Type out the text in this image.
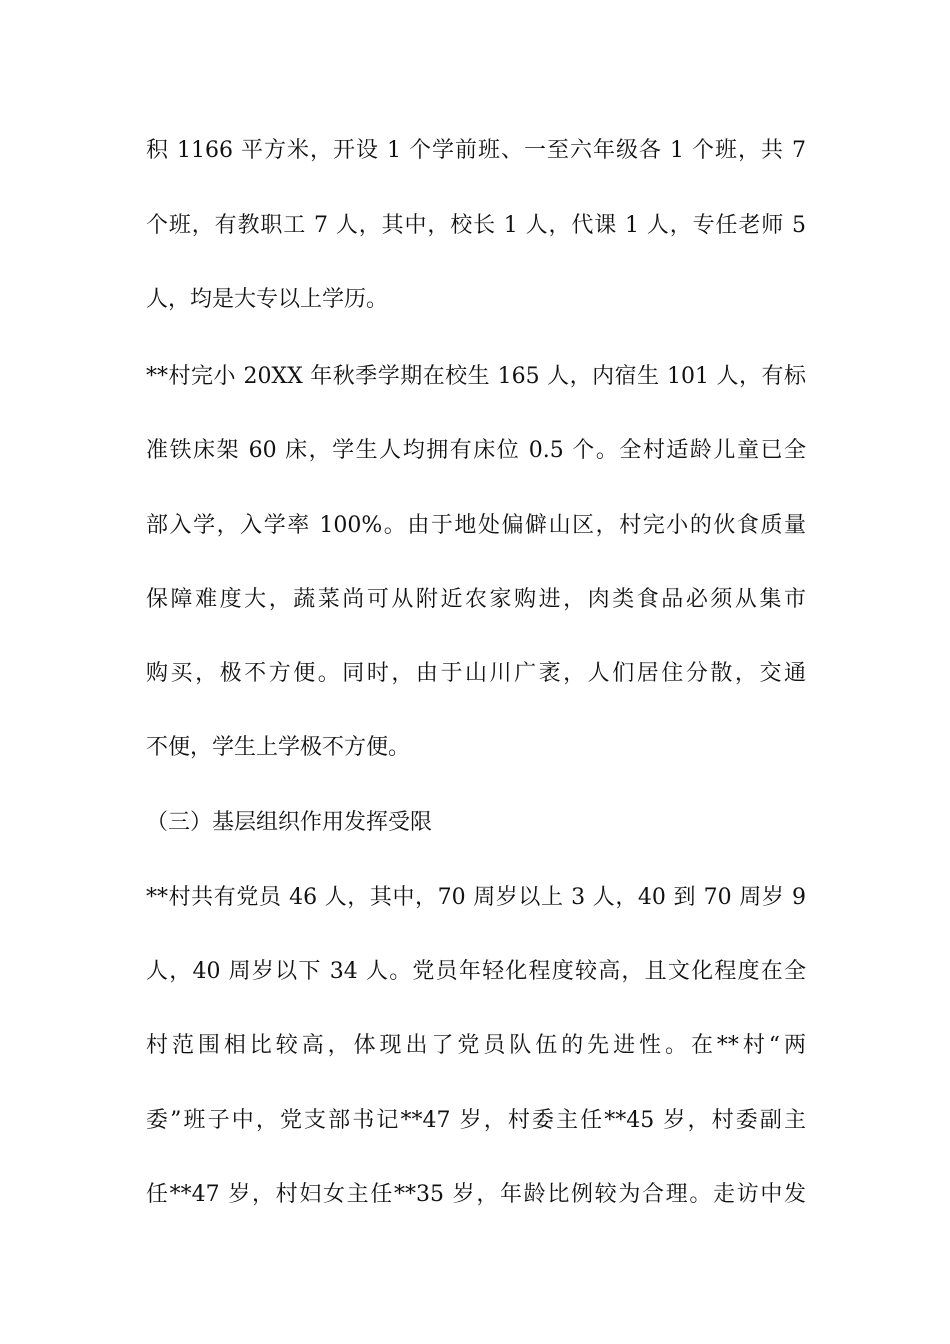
积 1166 平方米，开设 1 个学前班、一至六年级各 1 个班，共 7
个班，有教职工 7 人，其中，校长 1 人，代课 1 人，专任老师 5
人，均是大专以上学历。
**村完小 20XX 年秋季学期在校生 165 人，内宿生 101 人，有标
准铁床架 60 床，学生人均拥有床位 0.5 个。全村适龄儿童已全
部入学，入学率 100%。由于地处偏僻山区，村完小的伙食质量
保障难度大，蔬菜尚可从附近农家购进，肉类食品必须从集市
购买，极不方便。同时，由于山川广袤，人们居住分散，交通
不便，学生上学极不方便。
（三）基层组织作用发挥受限
**村共有党员 46 人，其中，70 周岁以上 3 人，40 到 70 周岁 9
人，40 周岁以下 34 人。党员年轻化程度较高，且文化程度在全
村范围相比较高，体现出了党员队伍的先进性。在**村“两
委”班子中，党支部书记**47 岁，村委主任**45 岁，村委副主
任**47 岁，村妇女主任**35 岁，年龄比例较为合理。走访中发
